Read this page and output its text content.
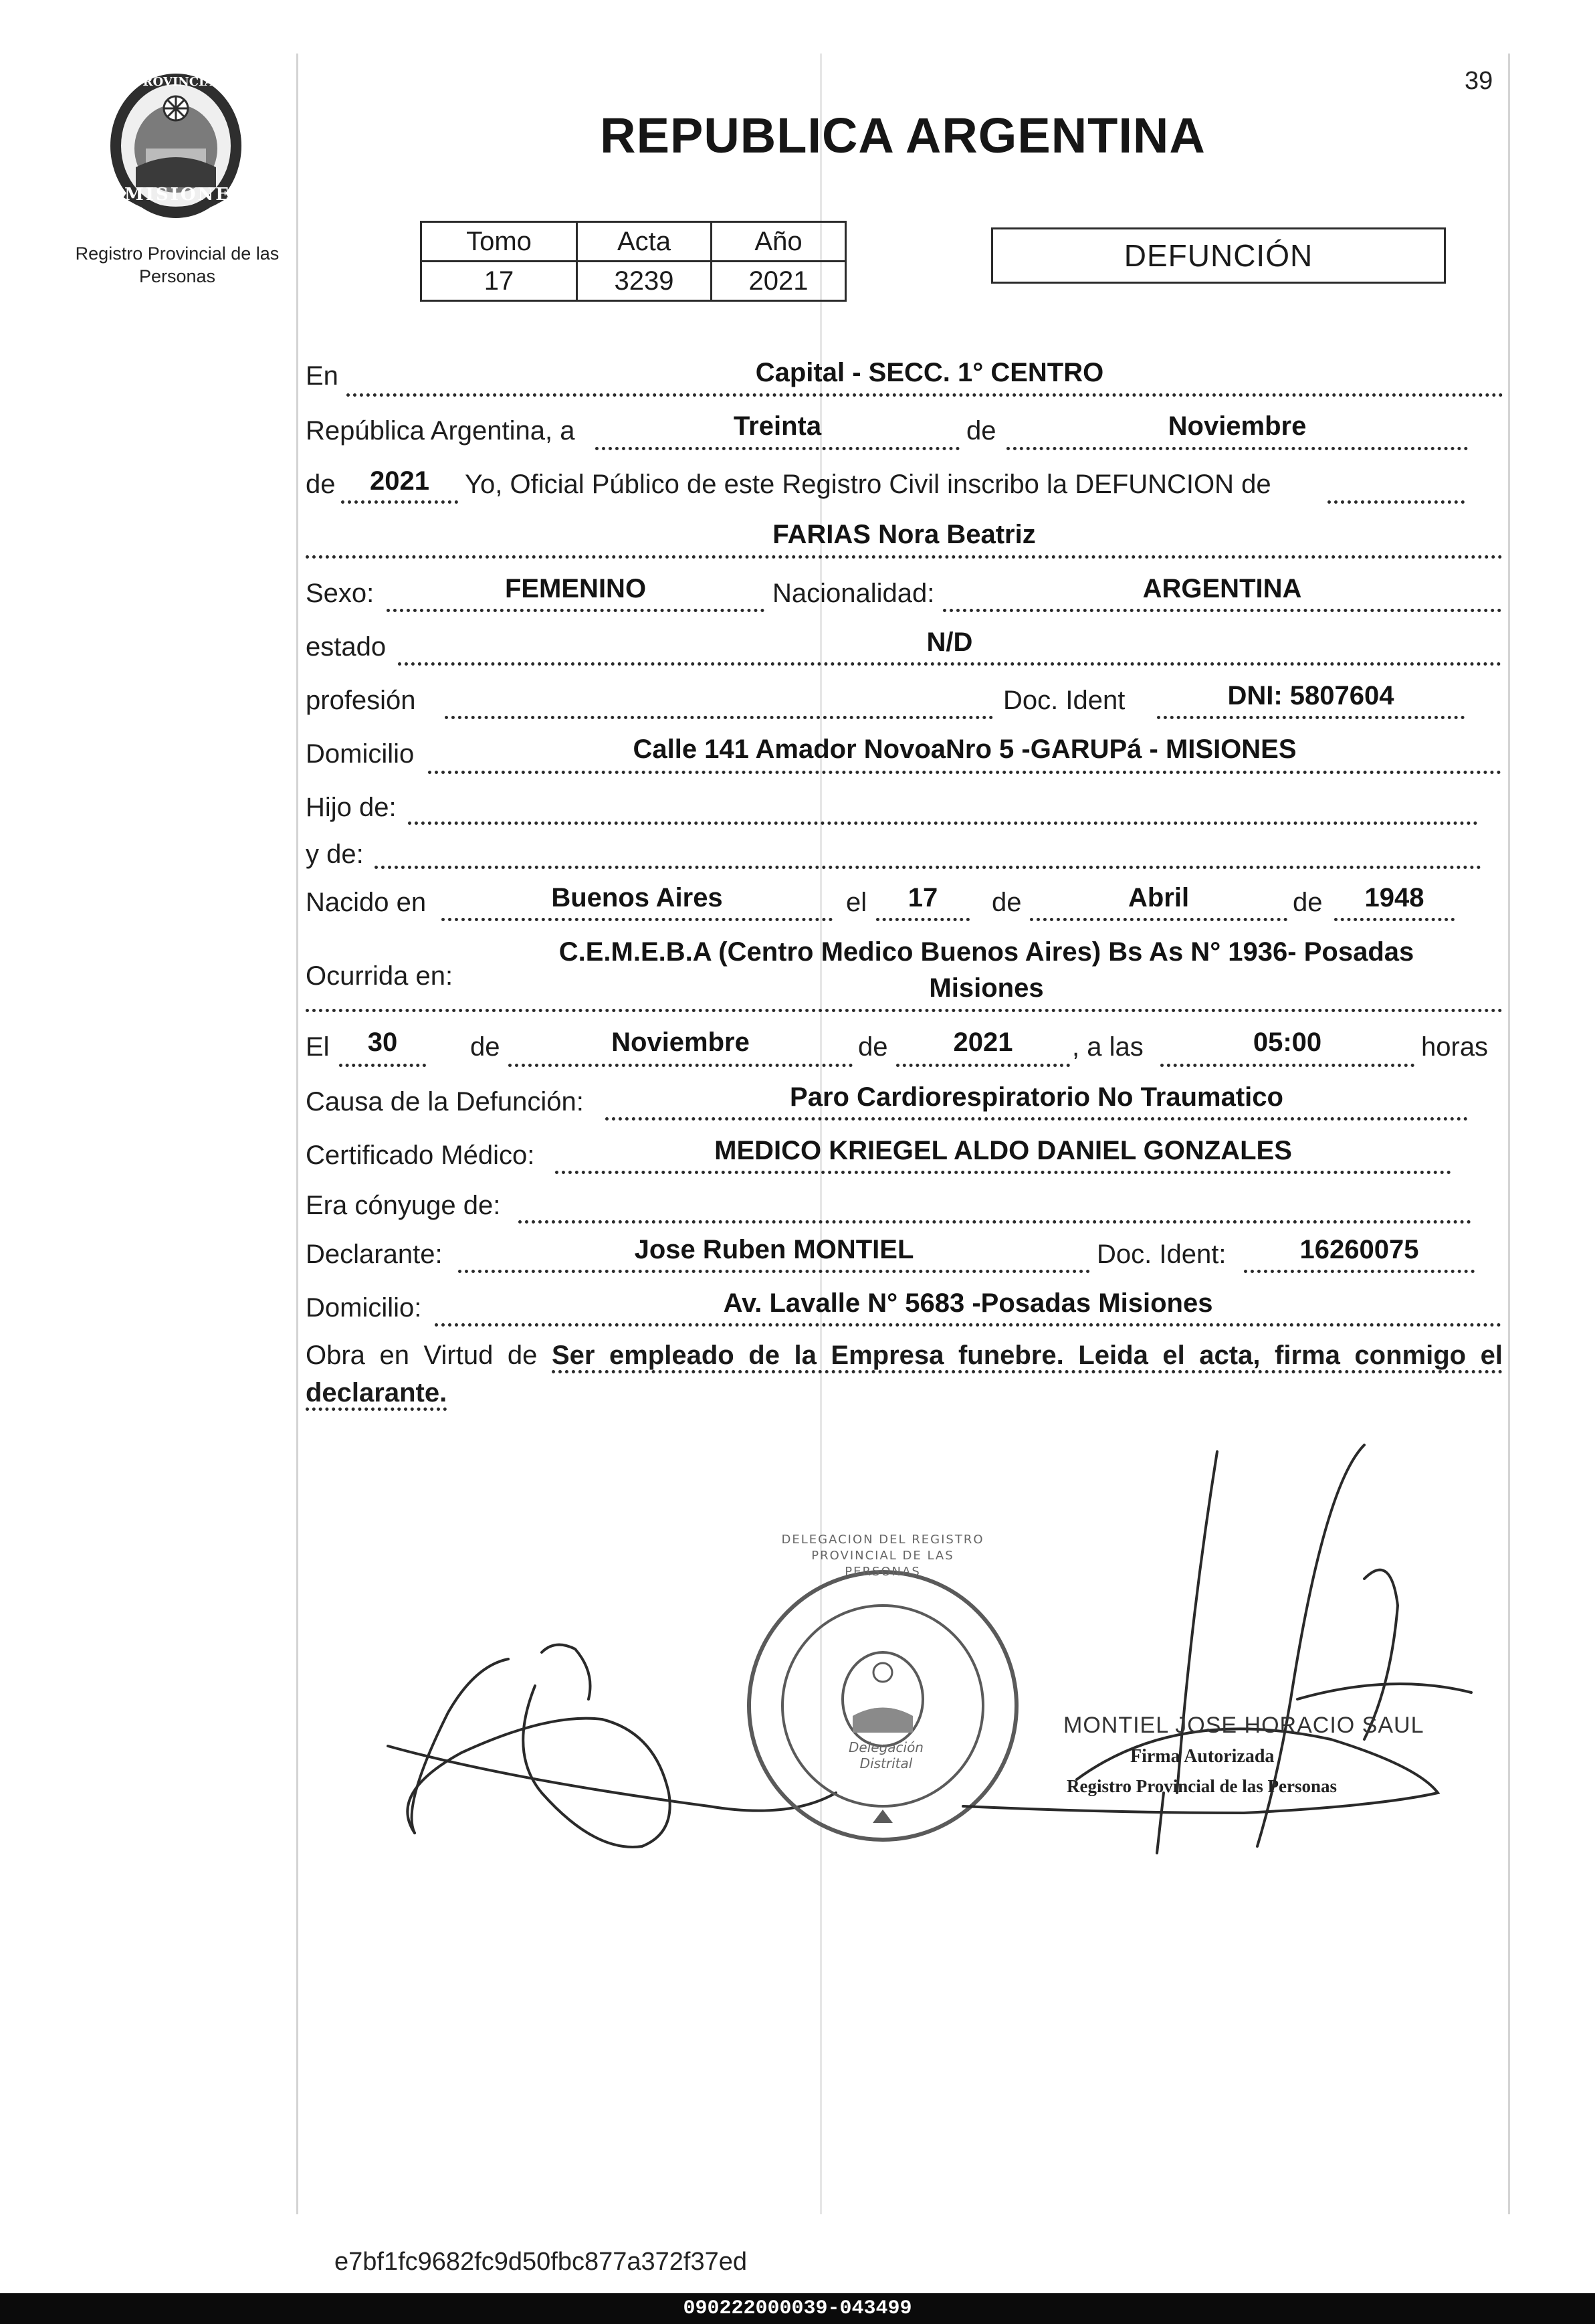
PROVINCIA DE
MISIONES
Registro Provincial de las Personas
REPUBLICA ARGENTINA
39
Tomo	Acta	Año
17	3239	2021
DEFUNCIÓN
En	Capital - SECC. 1° CENTRO
República Argentina, a	Treinta	de	Noviembre
de	2021	Yo, Oficial Público de este Registro Civil inscribo la DEFUNCION de
FARIAS Nora Beatriz
Sexo:	FEMENINO	Nacionalidad:	ARGENTINA
estado	N/D
profesión	Doc. Ident	DNI: 5807604
Domicilio	Calle 141 Amador NovoaNro 5 -GARUPá - MISIONES
Hijo de:
y de:
Nacido en	Buenos Aires	el	17	de	Abril	de	1948
Ocurrida en:
C.E.M.E.B.A (Centro Medico Buenos Aires) Bs As N° 1936- Posadas Misiones
El	30	de	Noviembre	de	2021	, a las	05:00	horas
Causa de la Defunción:	Paro Cardiorespiratorio No Traumatico
Certificado Médico:	MEDICO KRIEGEL ALDO DANIEL GONZALES
Era cónyuge de:
Declarante:	Jose Ruben MONTIEL	Doc. Ident:	16260075
Domicilio:	Av. Lavalle N° 5683 -Posadas Misiones
Obra en Virtud de Ser empleado de la Empresa funebre. Leida el acta, firma conmigo el declarante.
DELEGACION DEL REGISTRO PROVINCIAL DE LAS PERSONAS
Delegación Distrital
MONTIEL JOSE HORACIO SAUL
Firma Autorizada
Registro Provincial de las Personas
e7bf1fc9682fc9d50fbc877a372f37ed
090222000039-043499
